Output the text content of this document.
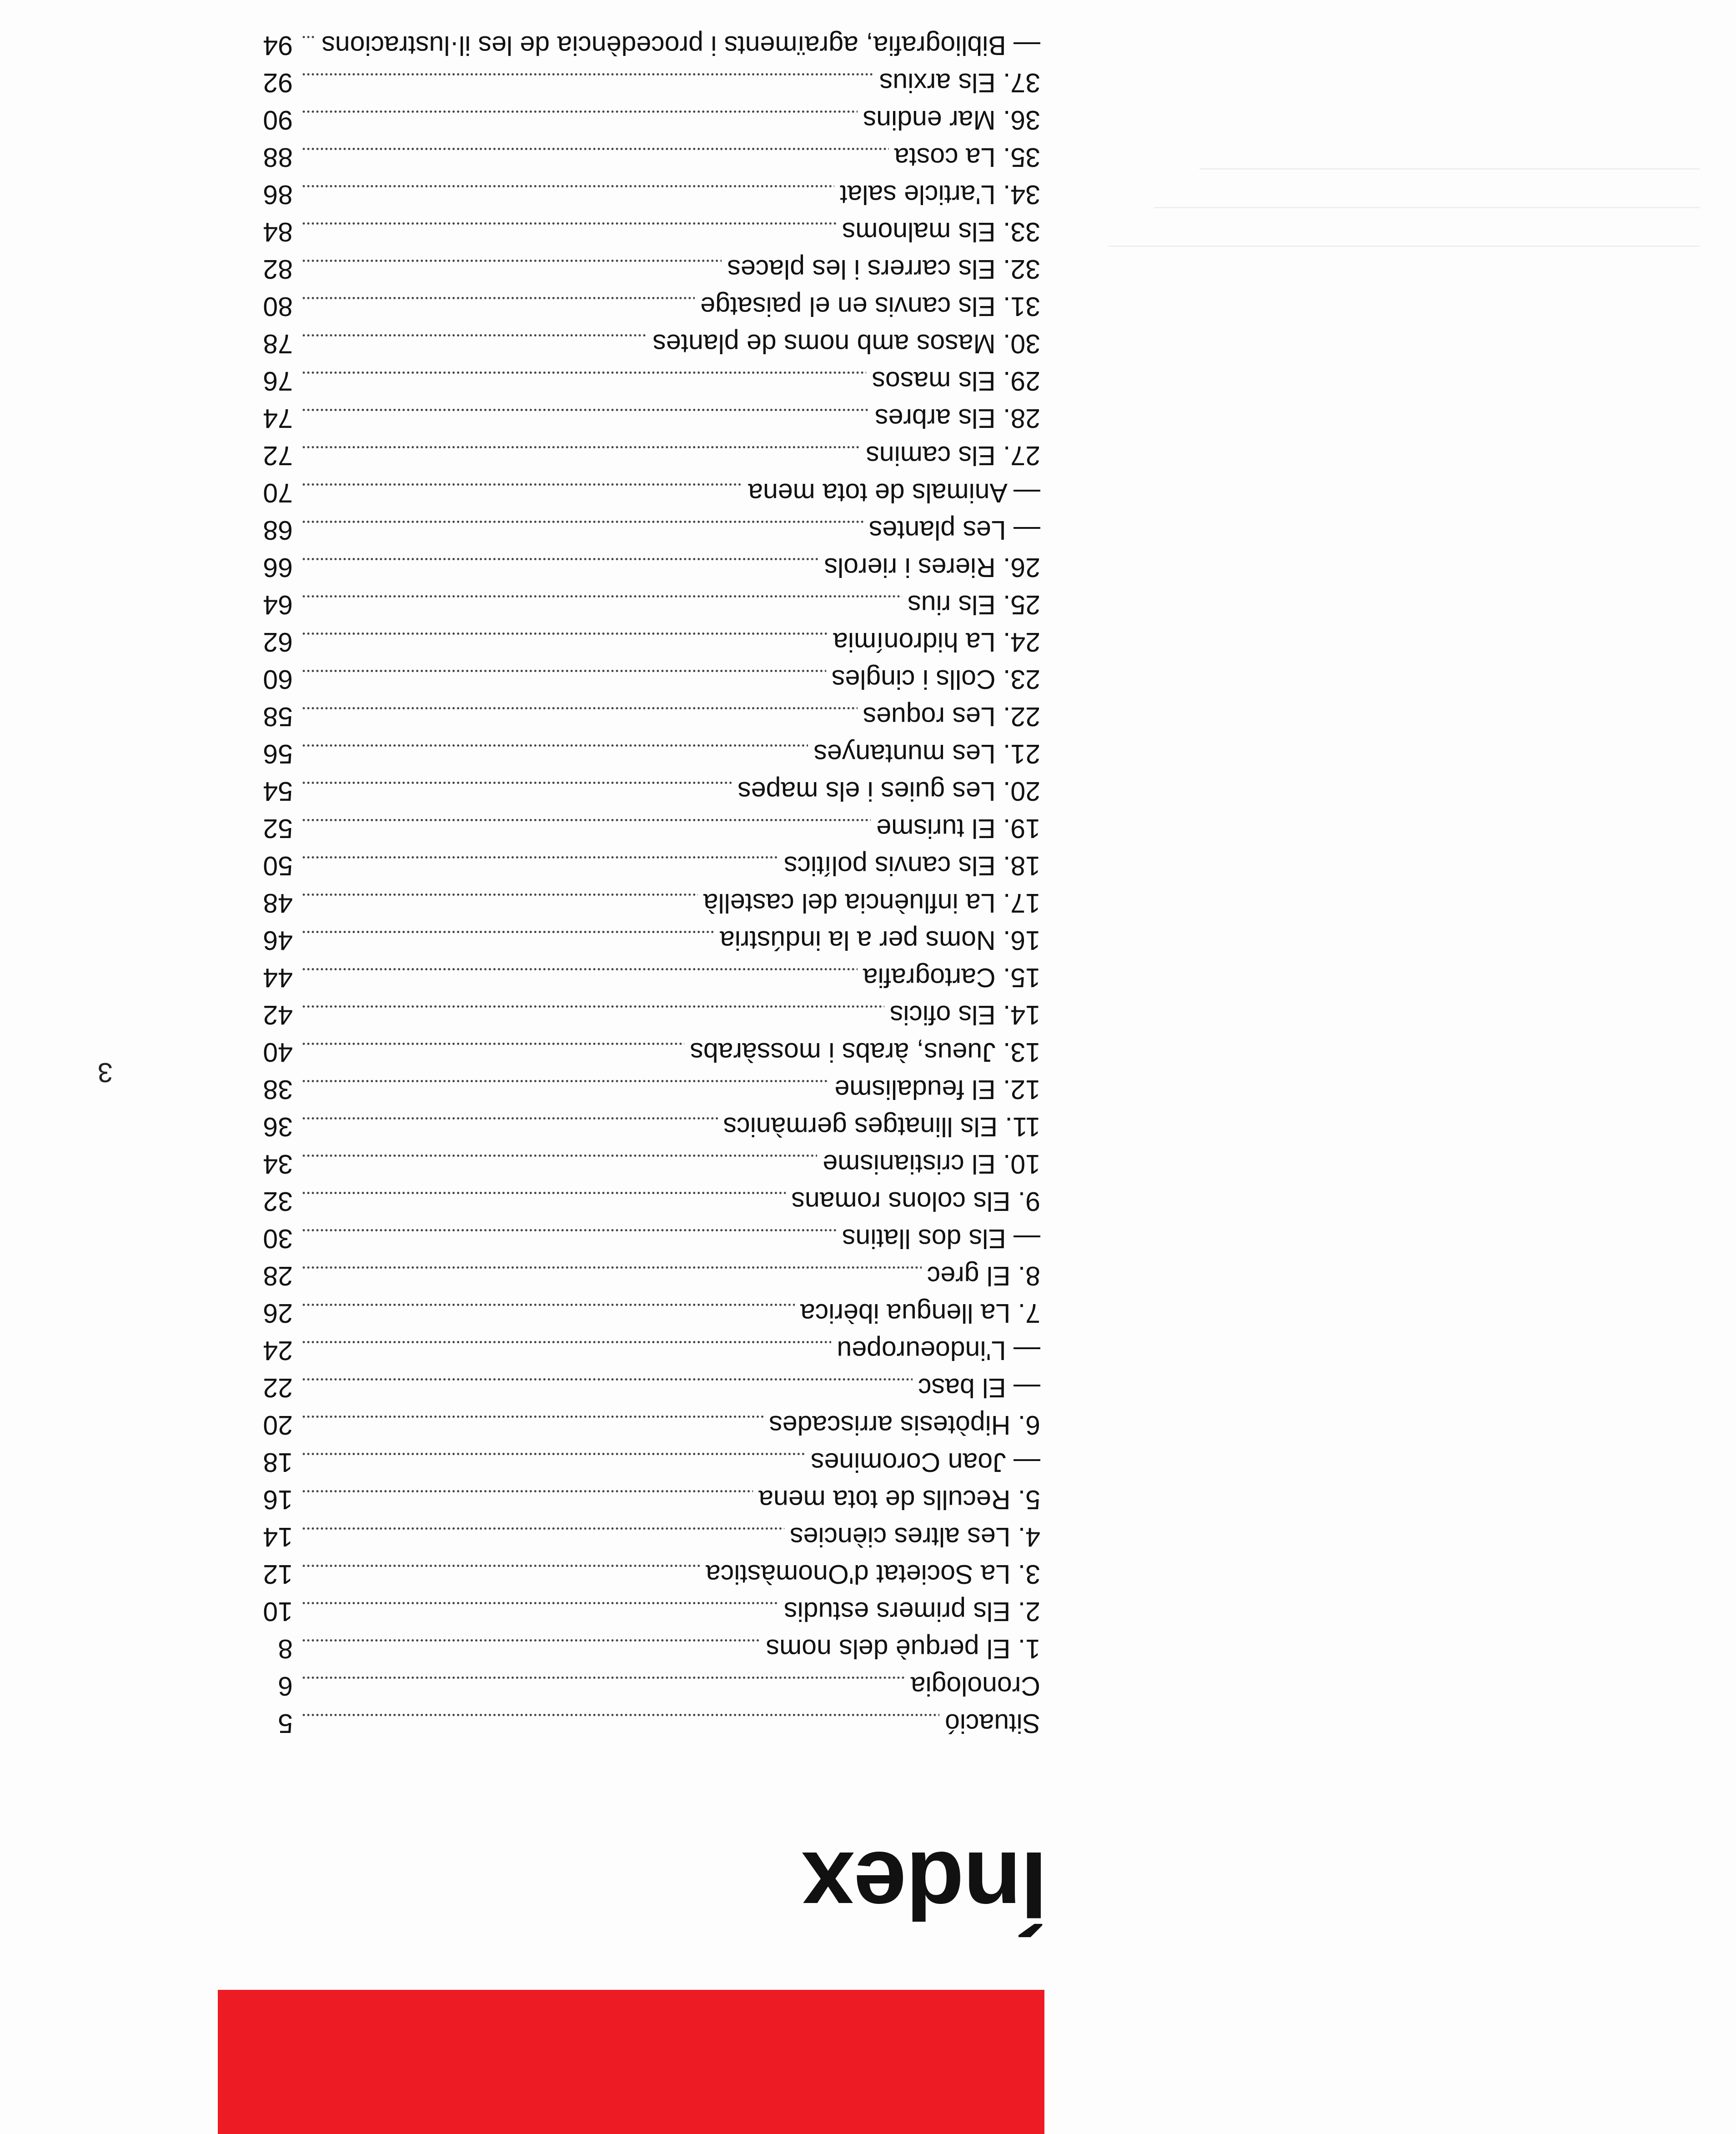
Índex
Situació
5
Cronologia
6
1. El perquè dels noms
8
2. Els primers estudis
10
3. La Societat d'Onomàstica
12
4. Les altres ciències
14
5. Reculls de tota mena
16
— Joan Coromines
18
6. Hipòtesis arriscades
20
— El basc
22
— L'indoeuropeu
24
7. La llengua ibèrica
26
8. El grec
28
— Els dos llatins
30
9. Els colons romans
32
10. El cristianisme
34
11. Els llinatges germànics
36
12. El feudalisme
38
13. Jueus, àrabs i mossàrabs
40
14. Els oficis
42
15. Cartografia
44
16. Noms per a la indústria
46
17. La influència del castellà
48
18. Els canvis polítics
50
19. El turisme
52
20. Les guies i els mapes
54
21. Les muntanyes
56
22. Les roques
58
23. Colls i cingles
60
24. La hidronímia
62
25. Els rius
64
26. Rieres i rierols
66
— Les plantes
68
— Animals de tota mena
70
27. Els camins
72
28. Els arbres
74
29. Els masos
76
30. Masos amb noms de plantes
78
31. Els canvis en el paisatge
80
32. Els carrers i les places
82
33. Els malnoms
84
34. L'article salat
86
35. La costa
88
36. Mar endins
90
37. Els arxius
92
— Bibliografia, agraïments i procedència de les il·lustracions
94
3
